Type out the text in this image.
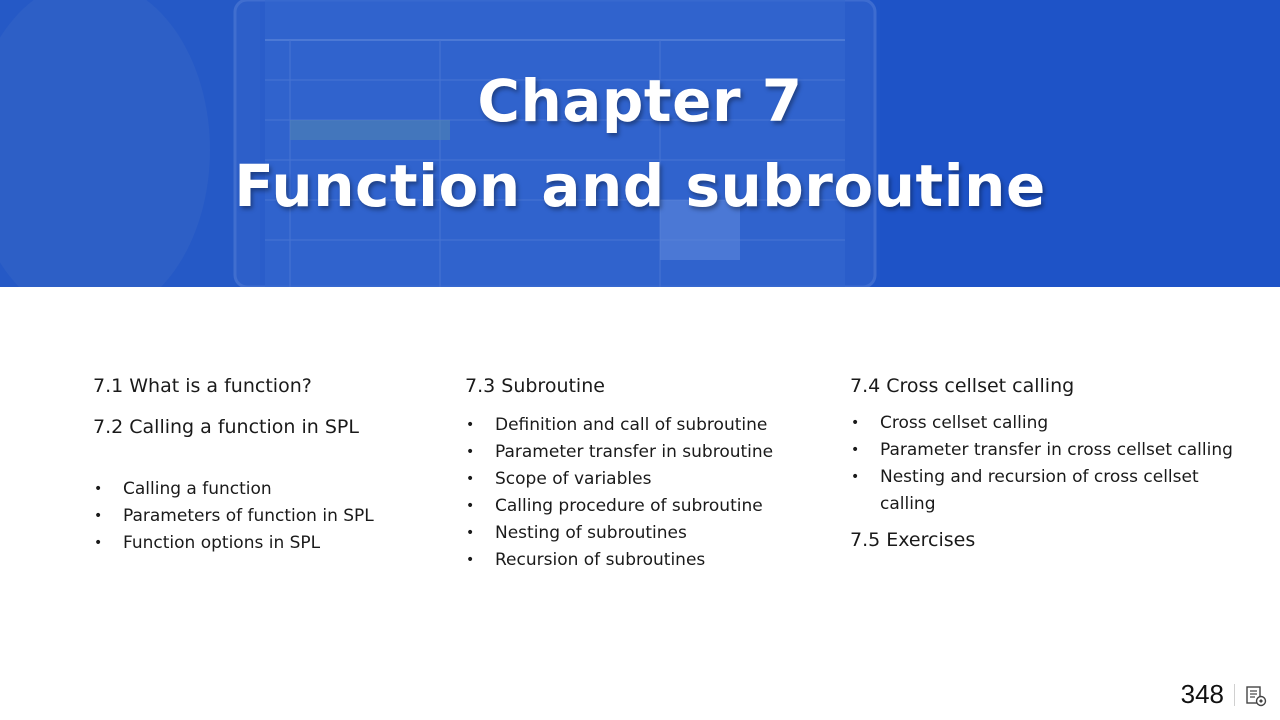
Chapter 7
Function and subroutine
7.1 What is a function?
7.2 Calling a function in SPL
• Calling a function
• Parameters of function in SPL
• Function options in SPL
7.3 Subroutine
• Definition and call of subroutine
• Parameter transfer in subroutine
• Scope of variables
• Calling procedure of subroutine
• Nesting of subroutines
• Recursion of subroutines
7.4 Cross cellset calling
• Cross cellset calling
• Parameter transfer in cross cellset calling
• Nesting and recursion of cross cellset calling
7.5 Exercises
348
